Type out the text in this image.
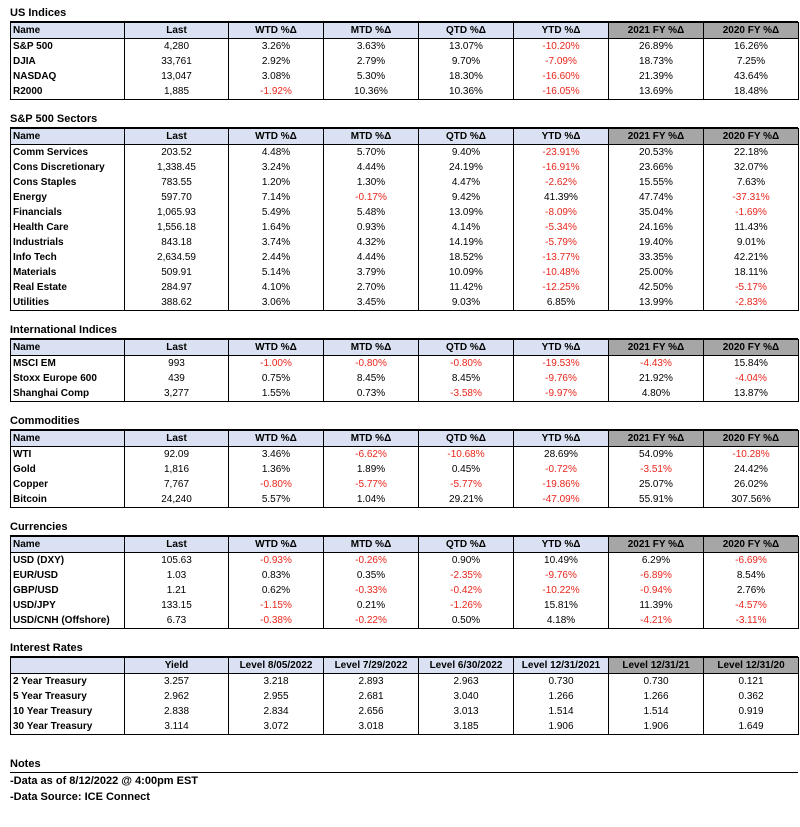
US Indices
Name	Last	WTD %Δ	MTD %Δ	QTD %Δ	YTD %Δ	2021 FY %Δ	2020 FY %Δ
S&P 500	4,280	3.26%	3.63%	13.07%	-10.20%	26.89%	16.26%
DJIA	33,761	2.92%	2.79%	9.70%	-7.09%	18.73%	7.25%
NASDAQ	13,047	3.08%	5.30%	18.30%	-16.60%	21.39%	43.64%
R2000	1,885	-1.92%	10.36%	10.36%	-16.05%	13.69%	18.48%
S&P 500 Sectors
Name	Last	WTD %Δ	MTD %Δ	QTD %Δ	YTD %Δ	2021 FY %Δ	2020 FY %Δ
Comm Services	203.52	4.48%	5.70%	9.40%	-23.91%	20.53%	22.18%
Cons Discretionary	1,338.45	3.24%	4.44%	24.19%	-16.91%	23.66%	32.07%
Cons Staples	783.55	1.20%	1.30%	4.47%	-2.62%	15.55%	7.63%
Energy	597.70	7.14%	-0.17%	9.42%	41.39%	47.74%	-37.31%
Financials	1,065.93	5.49%	5.48%	13.09%	-8.09%	35.04%	-1.69%
Health Care	1,556.18	1.64%	0.93%	4.14%	-5.34%	24.16%	11.43%
Industrials	843.18	3.74%	4.32%	14.19%	-5.79%	19.40%	9.01%
Info Tech	2,634.59	2.44%	4.44%	18.52%	-13.77%	33.35%	42.21%
Materials	509.91	5.14%	3.79%	10.09%	-10.48%	25.00%	18.11%
Real Estate	284.97	4.10%	2.70%	11.42%	-12.25%	42.50%	-5.17%
Utilities	388.62	3.06%	3.45%	9.03%	6.85%	13.99%	-2.83%
International Indices
Name	Last	WTD %Δ	MTD %Δ	QTD %Δ	YTD %Δ	2021 FY %Δ	2020 FY %Δ
MSCI EM	993	-1.00%	-0.80%	-0.80%	-19.53%	-4.43%	15.84%
Stoxx Europe 600	439	0.75%	8.45%	8.45%	-9.76%	21.92%	-4.04%
Shanghai Comp	3,277	1.55%	0.73%	-3.58%	-9.97%	4.80%	13.87%
Commodities
Name	Last	WTD %Δ	MTD %Δ	QTD %Δ	YTD %Δ	2021 FY %Δ	2020 FY %Δ
WTI	92.09	3.46%	-6.62%	-10.68%	28.69%	54.09%	-10.28%
Gold	1,816	1.36%	1.89%	0.45%	-0.72%	-3.51%	24.42%
Copper	7,767	-0.80%	-5.77%	-5.77%	-19.86%	25.07%	26.02%
Bitcoin	24,240	5.57%	1.04%	29.21%	-47.09%	55.91%	307.56%
Currencies
Name	Last	WTD %Δ	MTD %Δ	QTD %Δ	YTD %Δ	2021 FY %Δ	2020 FY %Δ
USD (DXY)	105.63	-0.93%	-0.26%	0.90%	10.49%	6.29%	-6.69%
EUR/USD	1.03	0.83%	0.35%	-2.35%	-9.76%	-6.89%	8.54%
GBP/USD	1.21	0.62%	-0.33%	-0.42%	-10.22%	-0.94%	2.76%
USD/JPY	133.15	-1.15%	0.21%	-1.26%	15.81%	11.39%	-4.57%
USD/CNH (Offshore)	6.73	-0.38%	-0.22%	0.50%	4.18%	-4.21%	-3.11%
Interest Rates
	Yield	Level 8/05/2022	Level 7/29/2022	Level 6/30/2022	Level 12/31/2021	Level 12/31/21	Level 12/31/20
2 Year Treasury	3.257	3.218	2.893	2.963	0.730	0.730	0.121
5 Year Treasury	2.962	2.955	2.681	3.040	1.266	1.266	0.362
10 Year Treasury	2.838	2.834	2.656	3.013	1.514	1.514	0.919
30 Year Treasury	3.114	3.072	3.018	3.185	1.906	1.906	1.649
Notes
-Data as of 8/12/2022 @ 4:00pm EST
-Data Source: ICE Connect
